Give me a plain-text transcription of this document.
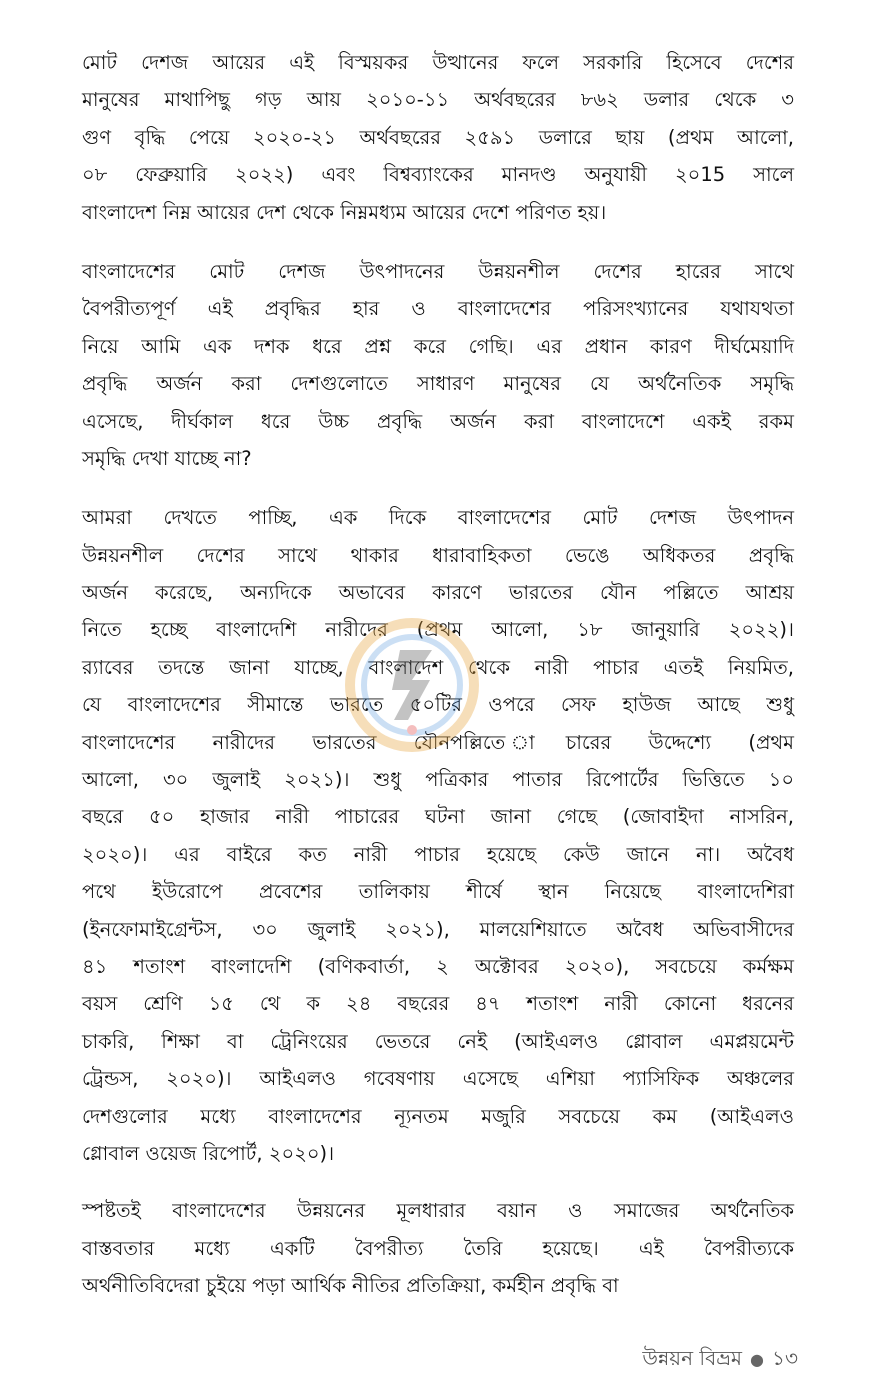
মোট দেশজ আয়ের এই বিস্ময়কর উত্থানের ফলে সরকারি হিসেবে দেশের
মানুষের মাথাপিছু গড় আয় ২০১০-১১ অর্থবছরের ৮৬২ ডলার থেকে ৩
গুণ বৃদ্ধি পেয়ে ২০২০-২১ অর্থবছরের ২৫৯১ ডলারে ছায় (প্রথম আলো,
০৮ ফেব্রুয়ারি ২০২২) এবং বিশ্বব্যাংকের মানদণ্ড অনুযায়ী ২০15 সালে
বাংলাদেশ নিম্ন আয়ের দেশ থেকে নিম্নমধ্যম আয়ের দেশে পরিণত হয়।
বাংলাদেশের মোট দেশজ উৎপাদনের উন্নয়নশীল দেশের হারের সাথে
বৈপরীত্যপূর্ণ এই প্রবৃদ্ধির হার ও বাংলাদেশের পরিসংখ্যানের যথাযথতা
নিয়ে আমি এক দশক ধরে প্রশ্ন করে গেছি। এর প্রধান কারণ দীর্ঘমেয়াদি
প্রবৃদ্ধি অর্জন করা দেশগুলোতে সাধারণ মানুষের যে অর্থনৈতিক সমৃদ্ধি
এসেছে, দীর্ঘকাল ধরে উচ্চ প্রবৃদ্ধি অর্জন করা বাংলাদেশে একই রকম
সমৃদ্ধি দেখা যাচ্ছে না?
আমরা দেখতে পাচ্ছি, এক দিকে বাংলাদেশের মোট দেশজ উৎপাদন
উন্নয়নশীল দেশের সাথে থাকার ধারাবাহিকতা ভেঙে অধিকতর প্রবৃদ্ধি
অর্জন করেছে, অন্যদিকে অভাবের কারণে ভারতের যৌন পল্লিতে আশ্রয়
নিতে হচ্ছে বাংলাদেশি নারীদের (প্রথম আলো, ১৮ জানুয়ারি ২০২২)।
র‍্যাবের তদন্তে জানা যাচ্ছে, বাংলাদেশ থেকে নারী পাচার এতই নিয়মিত,
যে বাংলাদেশের সীমান্তে ভারতে ৫০টির ওপরে সেফ হাউজ আছে শুধু
বাংলাদেশের নারীদের ভারতের যৌনপল্লিতে াচারের উদ্দেশ্যে (প্রথম
আলো, ৩০ জুলাই ২০২১)। শুধু পত্রিকার পাতার রিপোর্টের ভিত্তিতে ১০
বছরে ৫০ হাজার নারী পাচারের ঘটনা জানা গেছে (জোবাইদা নাসরিন,
২০২০)। এর বাইরে কত নারী পাচার হয়েছে কেউ জানে না। অবৈধ
পথে ইউরোপে প্রবেশের তালিকায় শীর্ষে স্থান নিয়েছে বাংলাদেশিরা
(ইনফোমাইগ্রেন্টস, ৩০ জুলাই ২০২১), মালয়েশিয়াতে অবৈধ অভিবাসীদের
৪১ শতাংশ বাংলাদেশি (বণিকবার্তা, ২ অক্টোবর ২০২০), সবচেয়ে কর্মক্ষম
বয়স শ্রেণি ১৫ থে ক ২৪ বছরের ৪৭ শতাংশ নারী কোনো ধরনের
চাকরি, শিক্ষা বা ট্রেনিংয়ের ভেতরে নেই (আইএলও গ্লোবাল এমপ্লয়মেন্ট
ট্রেন্ডস, ২০২০)। আইএলও গবেষণায় এসেছে এশিয়া প্যাসিফিক অঞ্চলের
দেশগুলোর মধ্যে বাংলাদেশের ন্যূনতম মজুরি সবচেয়ে কম (আইএলও
গ্লোবাল ওয়েজ রিপোর্ট, ২০২০)।
স্পষ্টতই বাংলাদেশের উন্নয়নের মূলধারার বয়ান ও সমাজের অর্থনৈতিক
বাস্তবতার মধ্যে একটি বৈপরীত্য তৈরি হয়েছে। এই বৈপরীত্যকে
অর্থনীতিবিদেরা চুইয়ে পড়া আর্থিক নীতির প্রতিক্রিয়া, কর্মহীন প্রবৃদ্ধি বা
উন্নয়ন বিভ্রম ● ১৩
